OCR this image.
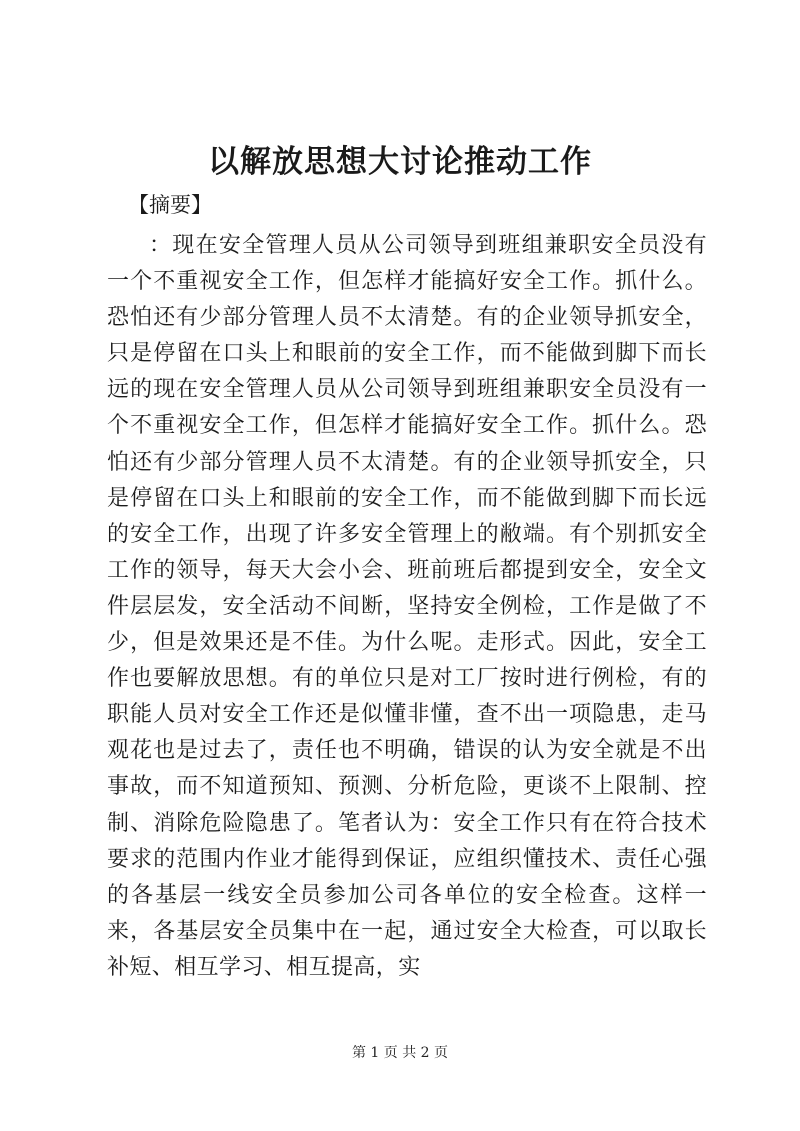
以解放思想大讨论推动工作
【摘要】

：现在安全管理人员从公司领导到班组兼职安全员没有一个不重视安全工作，但怎样才能搞好安全工作。抓什么。恐怕还有少部分管理人员不太清楚。有的企业领导抓安全，只是停留在口头上和眼前的安全工作，而不能做到脚下而长远的现在安全管理人员从公司领导到班组兼职安全员没有一个不重视安全工作，但怎样才能搞好安全工作。抓什么。恐怕还有少部分管理人员不太清楚。有的企业领导抓安全，只是停留在口头上和眼前的安全工作，而不能做到脚下而长远的安全工作，出现了许多安全管理上的敝端。有个别抓安全工作的领导，每天大会小会、班前班后都提到安全，安全文件层层发，安全活动不间断，坚持安全例检，工作是做了不少，但是效果还是不佳。为什么呢。走形式。因此，安全工作也要解放思想。有的单位只是对工厂按时进行例检，有的职能人员对安全工作还是似懂非懂，查不出一项隐患，走马观花也是过去了，责任也不明确，错误的认为安全就是不出事故，而不知道预知、预测、分析危险，更谈不上限制、控制、消除危险隐患了。笔者认为：安全工作只有在符合技术要求的范围内作业才能得到保证，应组织懂技术、责任心强的各基层一线安全员参加公司各单位的安全检查。这样一来，各基层安全员集中在一起，通过安全大检查，可以取长补短、相互学习、相互提高，实

第 1 页 共 2 页
